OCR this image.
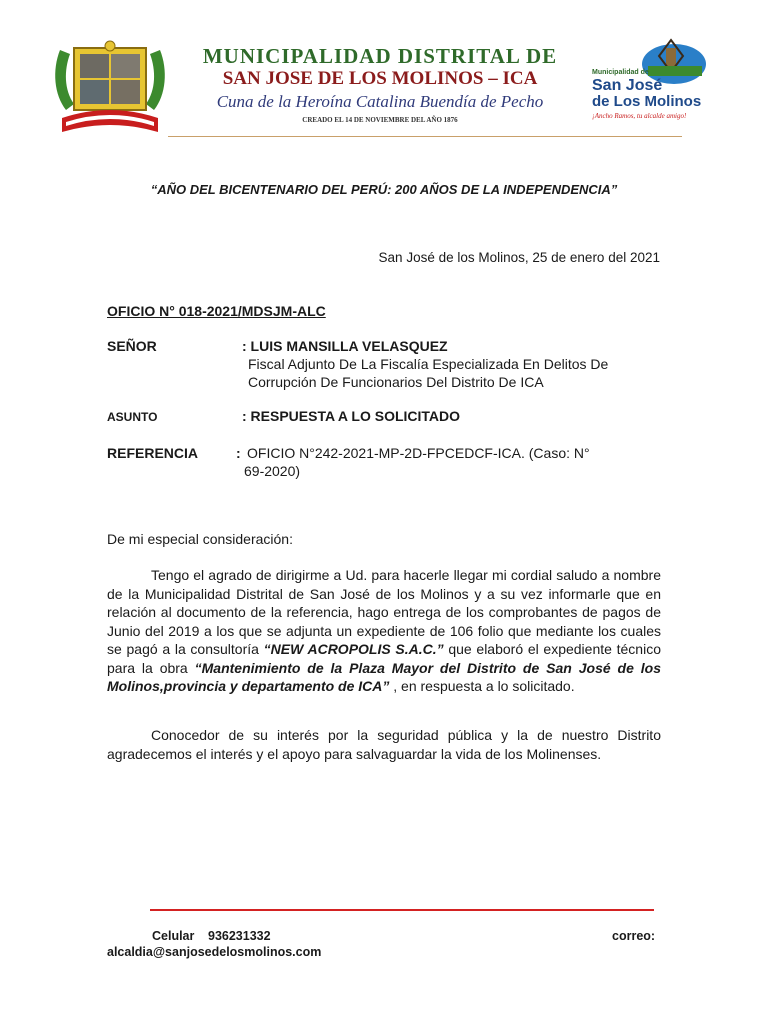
MUNICIPALIDAD DISTRITAL DE
SAN JOSE DE LOS MOLINOS – ICA
Cuna de la Heroína Catalina Buendía de Pecho
CREADO EL 14 DE NOVIEMBRE DEL AÑO 1876
Municipalidad de
San José
de Los Molinos
¡Ancho Ramos, tu alcalde amigo!
“AÑO DEL BICENTENARIO DEL PERÚ: 200 AÑOS DE LA INDEPENDENCIA”
San José de los Molinos, 25 de enero del 2021
OFICIO N° 018-2021/MDSJM-ALC
SEÑOR	: LUIS MANSILLA VELASQUEZ
Fiscal Adjunto De La Fiscalía Especializada En Delitos De
Corrupción De Funcionarios Del Distrito De ICA
ASUNTO	: RESPUESTA A LO SOLICITADO
REFERENCIA	: OFICIO N°242-2021-MP-2D-FPCEDCF-ICA. (Caso: N°
69-2020)
De mi especial consideración:
Tengo el agrado de dirigirme a Ud. para hacerle llegar mi cordial saludo a nombre de la Municipalidad Distrital de San José de los Molinos y a su vez informarle que en relación al documento de la referencia, hago entrega de los comprobantes de pagos de Junio del 2019 a los que se adjunta un expediente de 106 folio que mediante los cuales se pagó a la consultoría “NEW ACROPOLIS S.A.C.” que elaboró el expediente técnico para la obra “Mantenimiento de la Plaza Mayor del Distrito de San José de los Molinos,provincia y departamento de ICA” , en respuesta a lo solicitado.
Conocedor de su interés por la seguridad pública y la de nuestro Distrito agradecemos el interés y el apoyo para salvaguardar la vida de los Molinenses.
Celular 936231332	correo:
alcaldia@sanjosedelosmolinos.com
